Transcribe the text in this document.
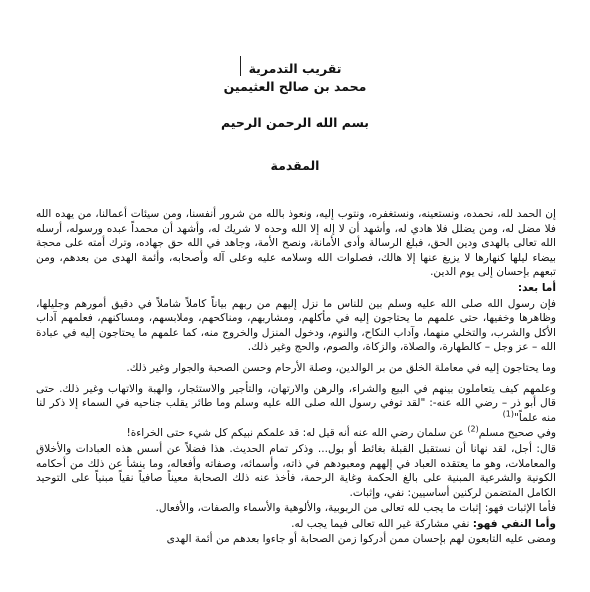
تقريب التدمرية
محمد بن صالح العثيمين
بسم الله الرحمن الرحيم
المقدمة

إن الحمد لله، نحمده، ونستعينه، ونستغفره، ونتوب إليه، ونعوذ بالله من شرور أنفسنا، ومن سيئات أعمالنا، من يهده الله فلا مضل له، ومن يضلل فلا هادي له، وأشهد أن لا إله إلا الله وحده لا شريك له، وأشهد أن محمداً عبده ورسوله، أرسله الله تعالى بالهدى ودين الحق، فبلغ الرسالة وأدى الأمانة، ونصح الأمة، وجاهد في الله حق جهاده، وترك أمته على محجة بيضاء ليلها كنهارها لا يزيغ عنها إلا هالك، فصلوات الله وسلامه عليه وعلى آله وأصحابه، وأئمة الهدى من بعدهم، ومن تبعهم بإحسان إلى يوم الدين.

أما بعد:

فإن رسول الله صلى الله عليه وسلم بين للناس ما نزل إليهم من ربهم بياناً كاملاً شاملاً في دقيق أمورهم وجليلها، وظاهرها وخفيها، حتى علمهم ما يحتاجون إليه في مأكلهم، ومشاربهم، ومناكحهم، وملابسهم، ومساكنهم، فعلمهم آداب الأكل والشرب، والتخلي منهما، وآداب النكاح، والنوم، ودخول المنزل والخروج منه، كما علمهم ما يحتاجون إليه في عبادة الله – عز وجل – كالطهارة، والصلاة، والزكاة، والصوم، والحج وغير ذلك.

وما يحتاجون إليه في معاملة الخلق من بر الوالدين، وصلة الأرحام وحسن الصحبة والجوار وغير ذلك.

وعلمهم كيف يتعاملون بينهم في البيع والشراء، والرهن والارتهان، والتأجير والاستئجار، والهبة والاتهاب وغير ذلك. حتى قال أبو ذر – رضي الله عنه-: "لقد توفي رسول الله صلى الله عليه وسلم وما طائر يقلب جناحيه في السماء إلا ذكر لنا منه علماً"$^{(1)}$

وفي صحيح مسلم$^{(2)}$ عن سلمان رضي الله عنه أنه قيل له: قد علمكم نبيكم كل شيء حتى الخراءة!

قال: أجل، لقد نهانا أن نستقبل القبلة بغائط أو بول... وذكر تمام الحديث. هذا فضلاً عن أسس هذه العبادات والأخلاق والمعاملات، وهو ما يعتقده العباد في إلههم ومعبودهم في ذاته، وأسمائه، وصفاته وأفعاله، وما ينشأ عن ذلك من أحكامه الكونية والشرعية المبنية على بالغ الحكمة وغاية الرحمة، فأخذ عنه ذلك الصحابة معيناً صافياً نقياً مبنياً على التوحيد الكامل المتضمن لركنين أساسيين: نفي، وإثبات.

فأما الإثبات فهو: إثبات ما يجب لله تعالى من الربوبية، والألوهية والأسماء والصفات، والأفعال.

وأما النفي فهو: نفي مشاركة غير الله تعالى فيما يجب له.

ومضى عليه التابعون لهم بإحسان ممن أدركوا زمن الصحابة أو جاءوا بعدهم من أئمة الهدى
